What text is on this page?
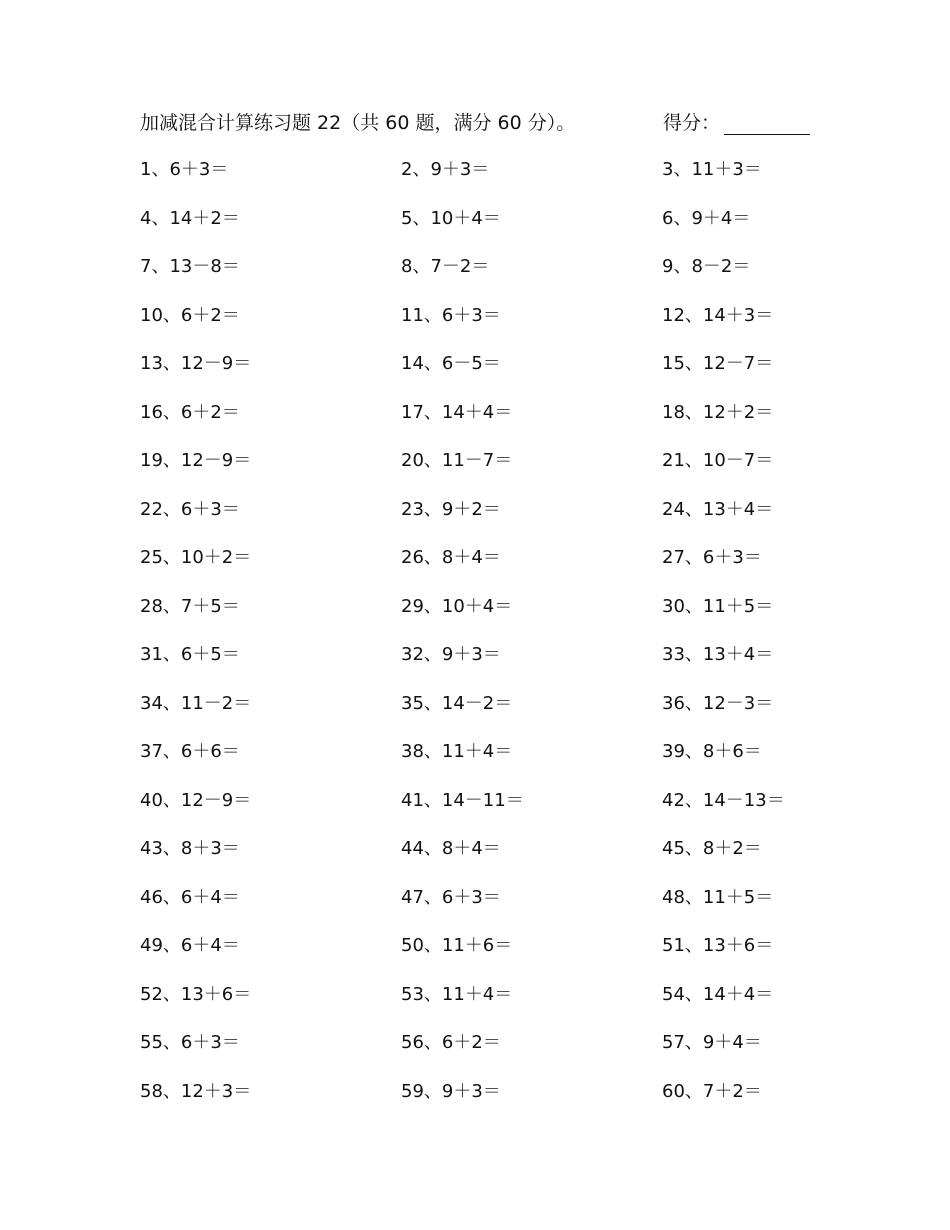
加减混合计算练习题 22（共 60 题，满分 60 分）。	得分：
1、6＋3＝	2、9＋3＝	3、11＋3＝
4、14＋2＝	5、10＋4＝	6、9＋4＝
7、13－8＝	8、7－2＝	9、8－2＝
10、6＋2＝	11、6＋3＝	12、14＋3＝
13、12－9＝	14、6－5＝	15、12－7＝
16、6＋2＝	17、14＋4＝	18、12＋2＝
19、12－9＝	20、11－7＝	21、10－7＝
22、6＋3＝	23、9＋2＝	24、13＋4＝
25、10＋2＝	26、8＋4＝	27、6＋3＝
28、7＋5＝	29、10＋4＝	30、11＋5＝
31、6＋5＝	32、9＋3＝	33、13＋4＝
34、11－2＝	35、14－2＝	36、12－3＝
37、6＋6＝	38、11＋4＝	39、8＋6＝
40、12－9＝	41、14－11＝	42、14－13＝
43、8＋3＝	44、8＋4＝	45、8＋2＝
46、6＋4＝	47、6＋3＝	48、11＋5＝
49、6＋4＝	50、11＋6＝	51、13＋6＝
52、13＋6＝	53、11＋4＝	54、14＋4＝
55、6＋3＝	56、6＋2＝	57、9＋4＝
58、12＋3＝	59、9＋3＝	60、7＋2＝
